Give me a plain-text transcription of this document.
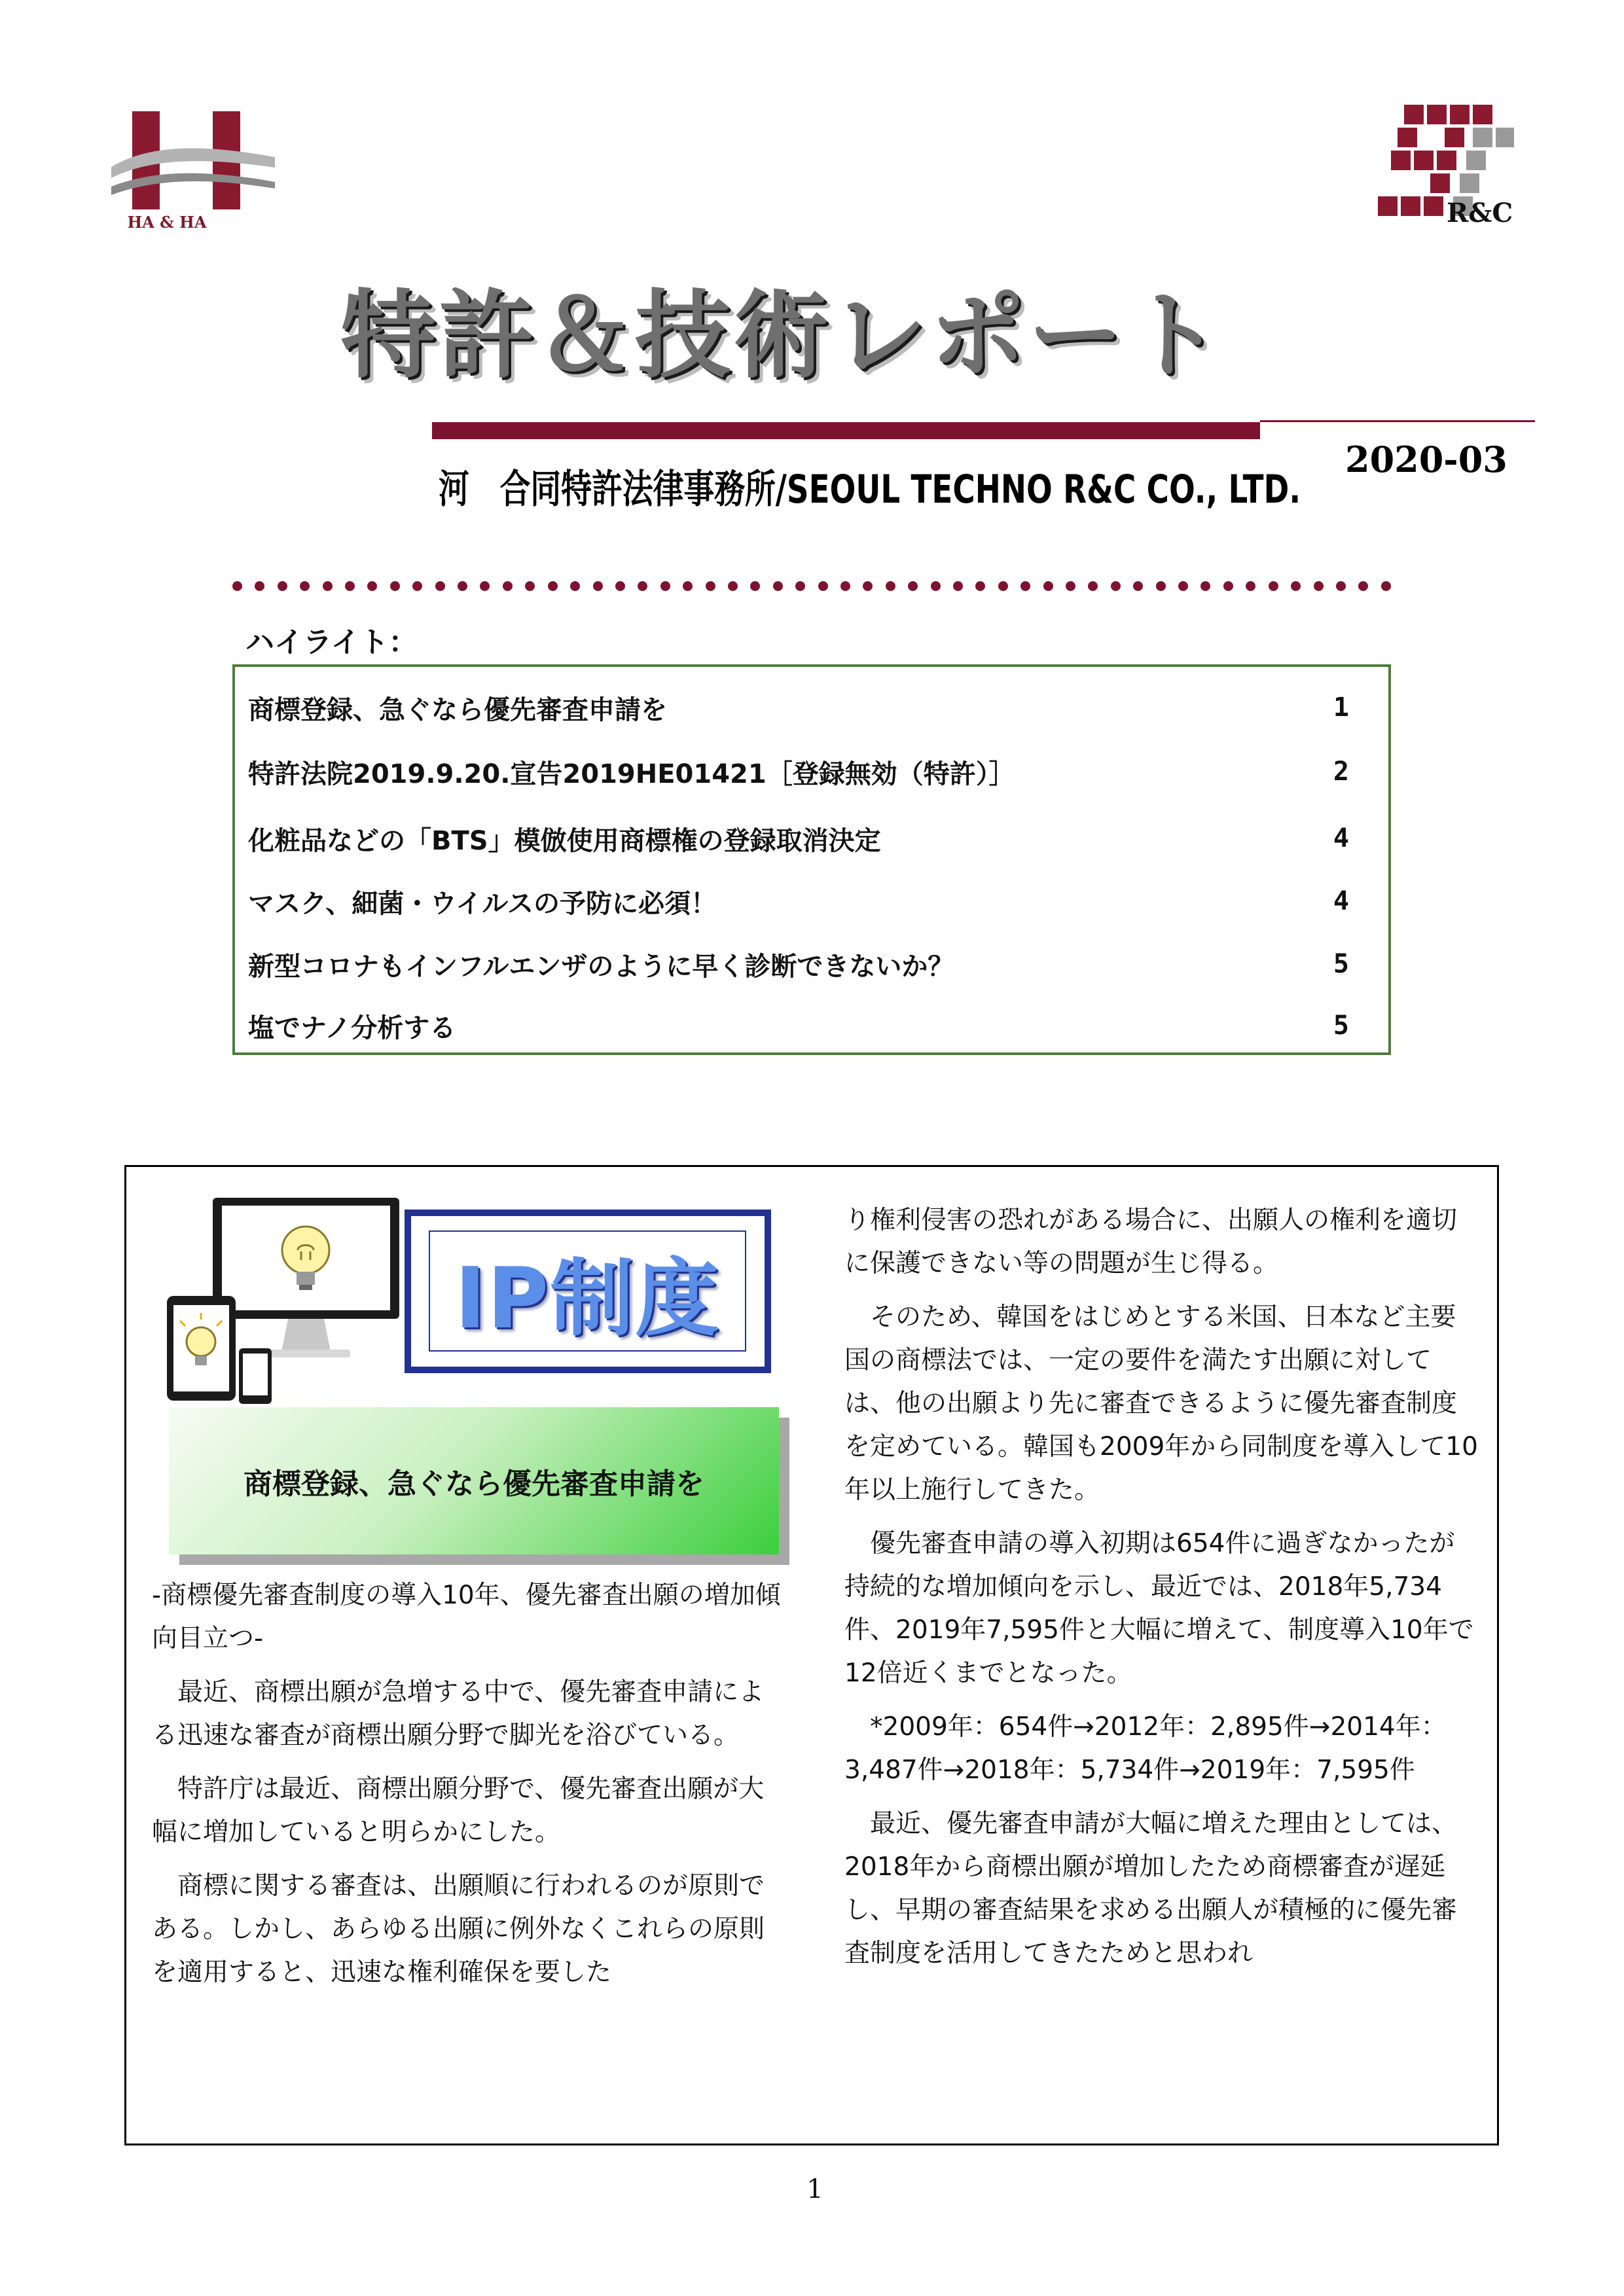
HA & HA	R&C
特許＆技術レポート
河　合同特許法律事務所/SEOUL TECHNO R&C CO., LTD.
2020-03
ハイライト：
商標登録、急ぐなら優先審査申請を	1
特許法院2019.9.20.宣告2019HE01421［登録無効（特許）］	2
化粧品などの「BTS」模倣使用商標権の登録取消決定	4
マスク、細菌・ウイルスの予防に必須！	4
新型コロナもインフルエンザのように早く診断できないか？	5
塩でナノ分析する	5
IP制度
商標登録、急ぐなら優先審査申請を

-商標優先審査制度の導入10年、優先審査出願の増加傾向目立つ-

最近、商標出願が急増する中で、優先審査申請による迅速な審査が商標出願分野で脚光を浴びている。

特許庁は最近、商標出願分野で、優先審査出願が大幅に増加していると明らかにした。

商標に関する審査は、出願順に行われるのが原則である。しかし、あらゆる出願に例外なくこれらの原則を適用すると、迅速な権利確保を要した

り権利侵害の恐れがある場合に、出願人の権利を適切に保護できない等の問題が生じ得る。

そのため、韓国をはじめとする米国、日本など主要国の商標法では、一定の要件を満たす出願に対しては、他の出願より先に審査できるように優先審査制度を定めている。韓国も2009年から同制度を導入して10年以上施行してきた。

優先審査申請の導入初期は654件に過ぎなかったが持続的な増加傾向を示し、最近では、2018年5,734件、2019年7,595件と大幅に増えて、制度導入10年で12倍近くまでとなった。

*2009年：654件→2012年：2,895件→2014年：3,487件→2018年：5,734件→2019年：7,595件

最近、優先審査申請が大幅に増えた理由としては、2018年から商標出願が増加したため商標審査が遅延し、早期の審査結果を求める出願人が積極的に優先審査制度を活用してきたためと思われ

1
